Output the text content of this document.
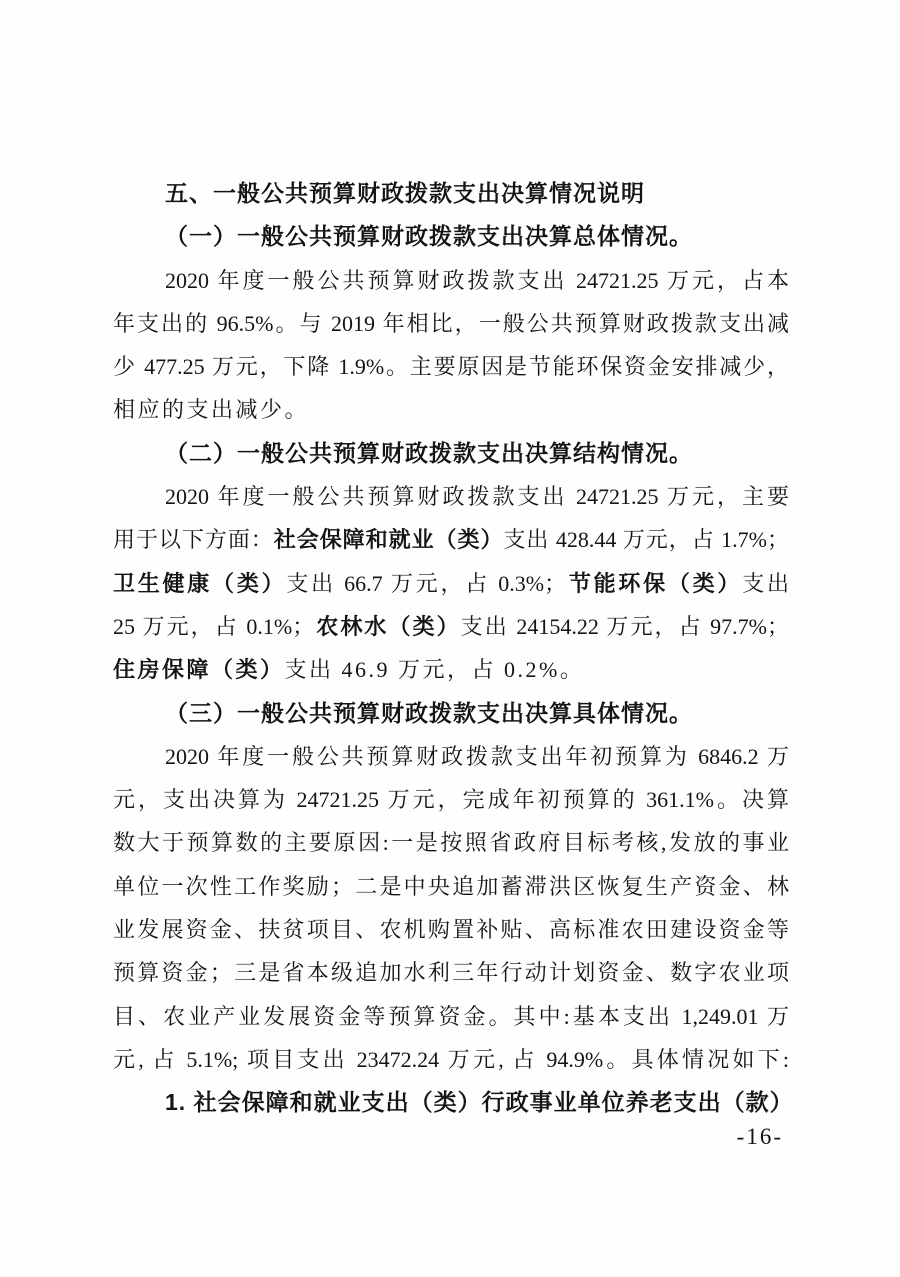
五、一般公共预算财政拨款支出决算情况说明
（一）一般公共预算财政拨款支出决算总体情况。
2020 年度一般公共预算财政拨款支出 24721.25 万元，占本
年支出的 96.5%。与 2019 年相比，一般公共预算财政拨款支出减
少 477.25 万元，下降 1.9%。主要原因是节能环保资金安排减少，
相应的支出减少。
（二）一般公共预算财政拨款支出决算结构情况。
2020 年度一般公共预算财政拨款支出 24721.25 万元，主要
用于以下方面：社会保障和就业（类）支出 428.44 万元，占 1.7%；
卫生健康（类）支出 66.7 万元，占 0.3%；节能环保（类）支出
25 万元，占 0.1%；农林水（类）支出 24154.22 万元，占 97.7%；
住房保障（类）支出 46.9 万元，占 0.2%。
（三）一般公共预算财政拨款支出决算具体情况。
2020 年度一般公共预算财政拨款支出年初预算为 6846.2 万
元，支出决算为 24721.25 万元，完成年初预算的 361.1%。决算
数大于预算数的主要原因:一是按照省政府目标考核,发放的事业
单位一次性工作奖励；二是中央追加蓄滞洪区恢复生产资金、林
业发展资金、扶贫项目、农机购置补贴、高标准农田建设资金等
预算资金；三是省本级追加水利三年行动计划资金、数字农业项
目、农业产业发展资金等预算资金。其中:基本支出 1,249.01 万
元, 占 5.1%; 项目支出 23472.24 万元, 占 94.9%。具体情况如下:
1. 社会保障和就业支出（类）行政事业单位养老支出（款）
-16-
